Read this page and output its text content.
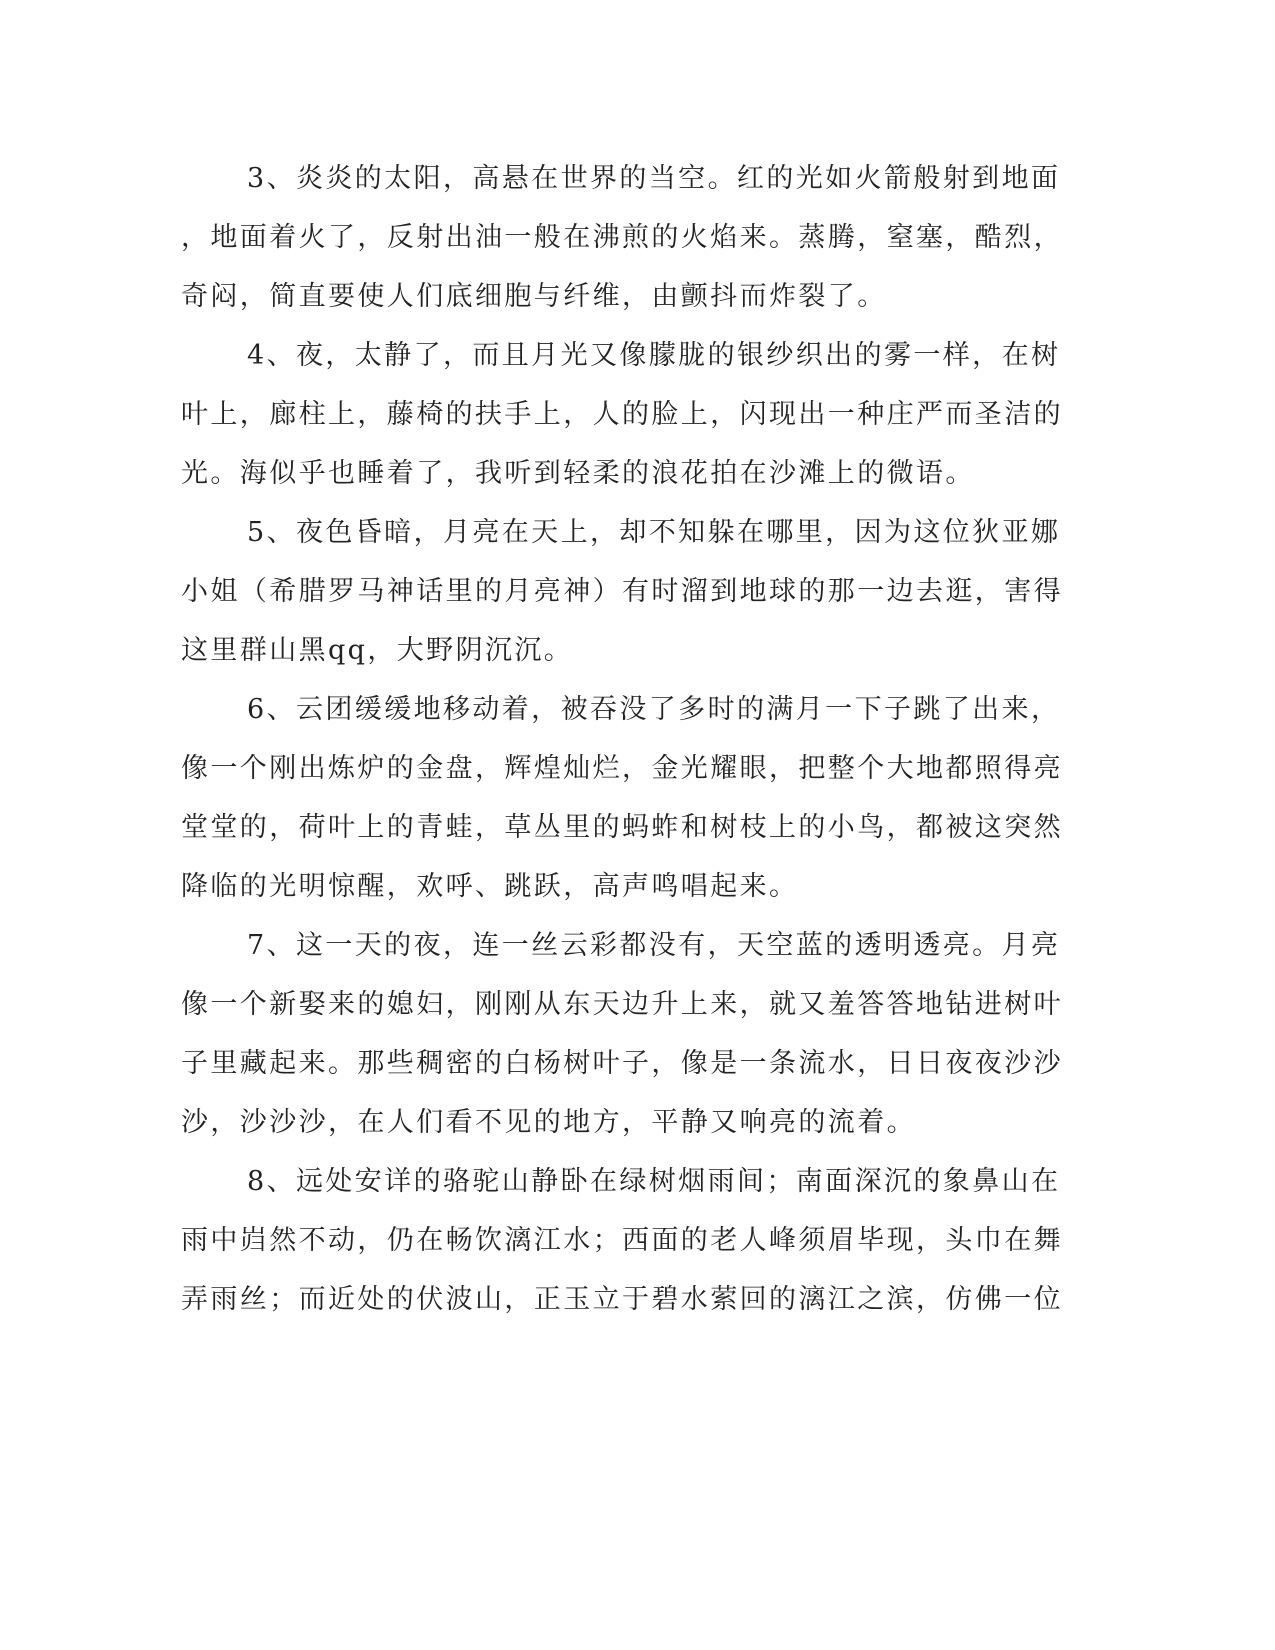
3、炎炎的太阳，高悬在世界的当空。红的光如火箭般射到地面
，地面着火了，反射出油一般在沸煎的火焰来。蒸腾，窒塞，酷烈，
奇闷，简直要使人们底细胞与纤维，由颤抖而炸裂了。
4、夜，太静了，而且月光又像朦胧的银纱织出的雾一样，在树
叶上，廊柱上，藤椅的扶手上，人的脸上，闪现出一种庄严而圣洁的
光。海似乎也睡着了，我听到轻柔的浪花拍在沙滩上的微语。
5、夜色昏暗，月亮在天上，却不知躲在哪里，因为这位狄亚娜
小姐（希腊罗马神话里的月亮神）有时溜到地球的那一边去逛，害得
这里群山黑qq，大野阴沉沉。
6、云团缓缓地移动着，被吞没了多时的满月一下子跳了出来，
像一个刚出炼炉的金盘，辉煌灿烂，金光耀眼，把整个大地都照得亮
堂堂的，荷叶上的青蛙，草丛里的蚂蚱和树枝上的小鸟，都被这突然
降临的光明惊醒，欢呼、跳跃，高声鸣唱起来。
7、这一天的夜，连一丝云彩都没有，天空蓝的透明透亮。月亮
像一个新娶来的媳妇，刚刚从东天边升上来，就又羞答答地钻进树叶
子里藏起来。那些稠密的白杨树叶子，像是一条流水，日日夜夜沙沙
沙，沙沙沙，在人们看不见的地方，平静又响亮的流着。
8、远处安详的骆驼山静卧在绿树烟雨间；南面深沉的象鼻山在
雨中岿然不动，仍在畅饮漓江水；西面的老人峰须眉毕现，头巾在舞
弄雨丝；而近处的伏波山，正玉立于碧水萦回的漓江之滨，仿佛一位
